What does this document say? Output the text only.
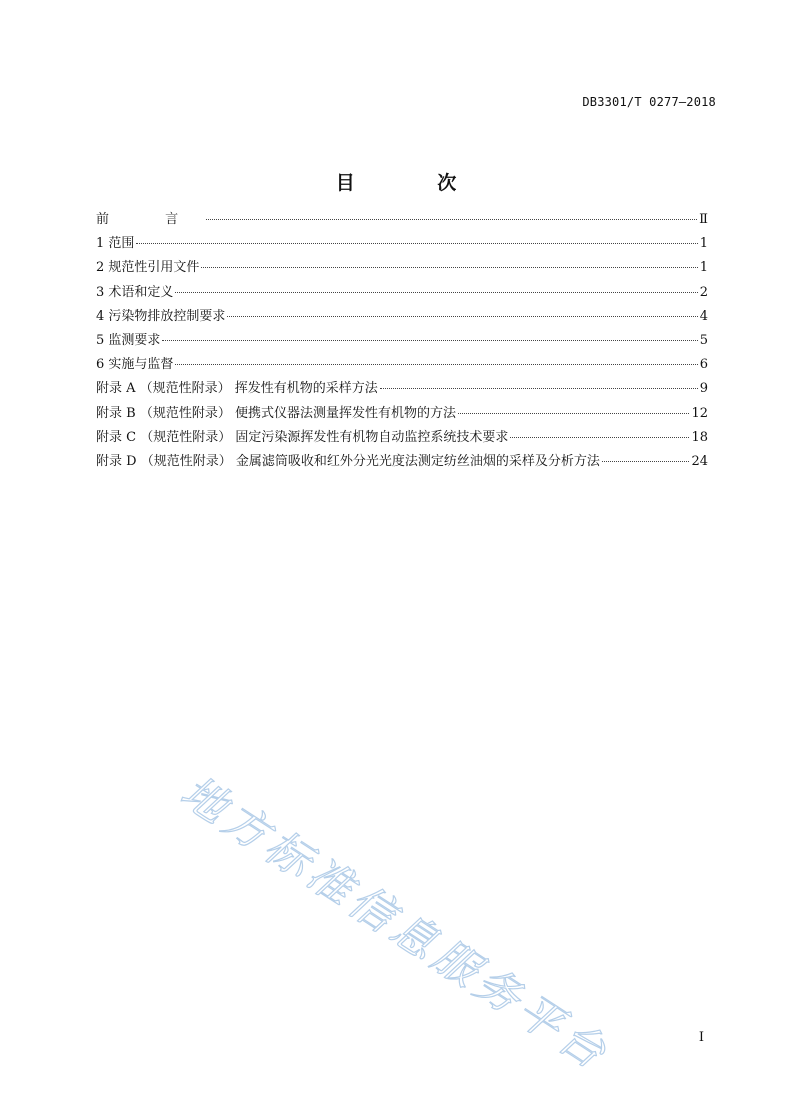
DB3301/T 0277—2018
目 次
前 言	Ⅱ
1 范围	1
2 规范性引用文件	1
3 术语和定义	2
4 污染物排放控制要求	4
5 监测要求	5
6 实施与监督	6
附录 A （规范性附录） 挥发性有机物的采样方法	9
附录 B （规范性附录） 便携式仪器法测量挥发性有机物的方法	12
附录 C （规范性附录） 固定污染源挥发性有机物自动监控系统技术要求	18
附录 D （规范性附录） 金属滤筒吸收和红外分光光度法测定纺丝油烟的采样及分析方法	24
地方标准信息服务平台	I
